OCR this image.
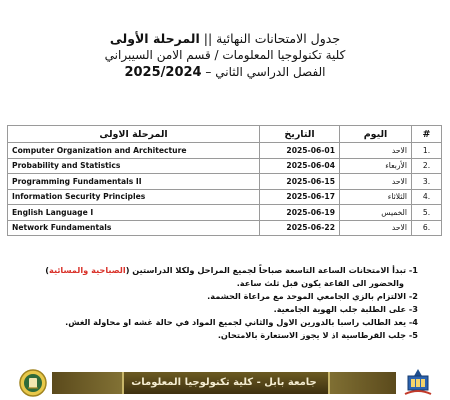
جدول الامتحانات النهائية || المرحلة الأولى
كلية تكنولوجيا المعلومات / قسم الامن السيبراني
الفصل الدراسي الثاني – 2025/2024
المرحلة الاولى	التاريخ	اليوم	#
Computer Organization and Architecture	2025-06-01	الاحد	1.
Probability and Statistics	2025-06-04	الأربعاء	2.
Programming Fundamentals II	2025-06-15	الاحد	3.
Information Security Principles	2025-06-17	الثلاثاء	4.
English Language I	2025-06-19	الخميس	5.
Network Fundamentals	2025-06-22	الاحد	6.
1- تبدأ الامتحانات الساعة التاسعة صباحاً لجميع المراحل ولكلا الدراستين (الصباحية والمسائية)
والحضور الى القاعة يكون قبل ثلث ساعة.
2- الالتزام بالزي الجامعي الموحد مع مراعاة الحشمة.
3- على الطلبة جلب الهوية الجامعية.
4- يعد الطالب راسبا بالدورين الاول والثاني لجميع المواد في حالة غشه او محاولة الغش.
5- جلب القرطاسية اذ لا يجوز الاستعارة بالامتحان.
جامعة بابل - كلية تكنولوجيا المعلومات
